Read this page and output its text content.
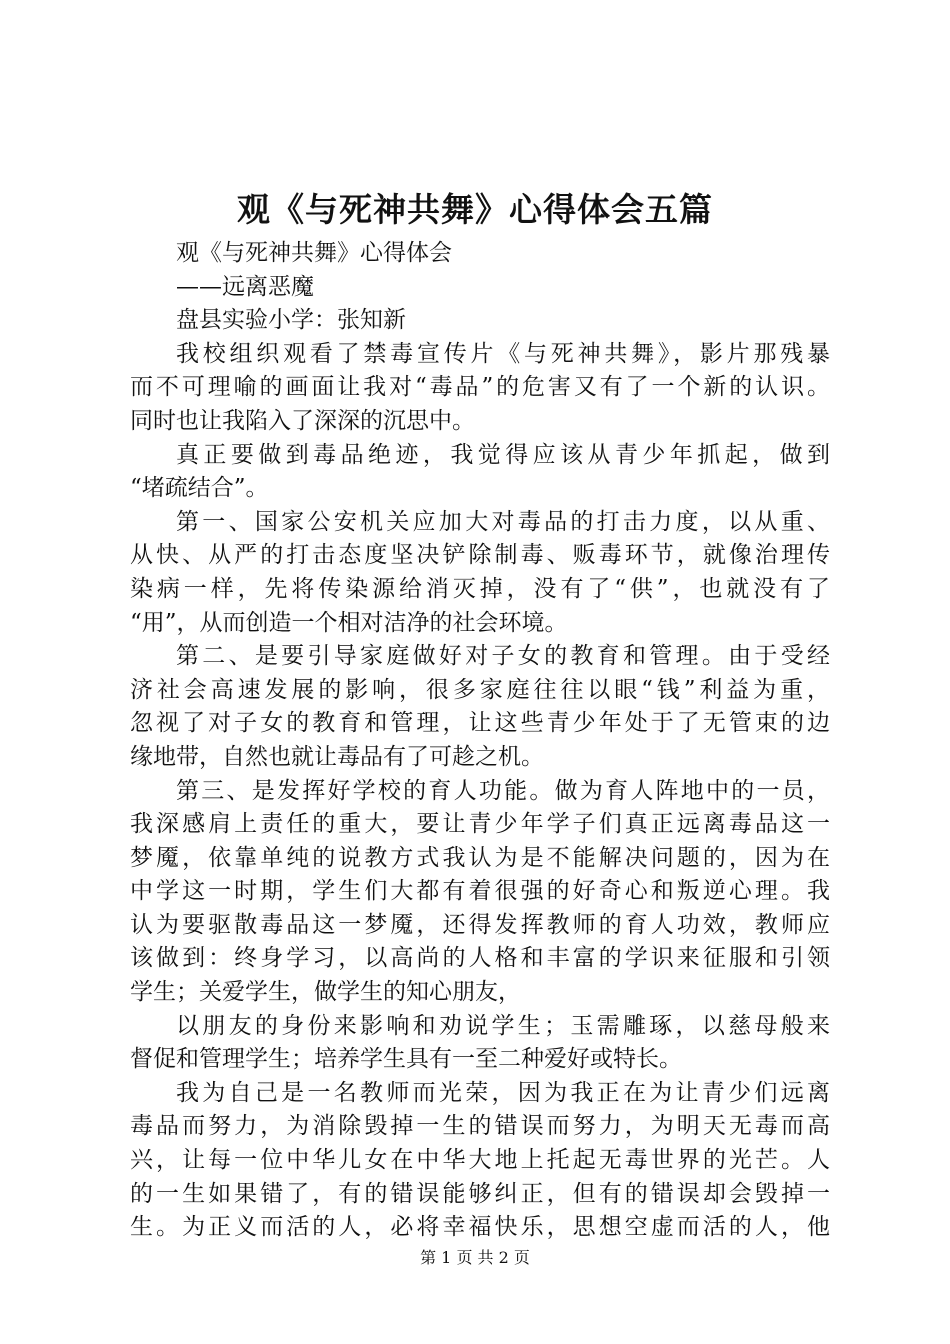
观《与死神共舞》心得体会五篇
观《与死神共舞》心得体会
——远离恶魔
盘县实验小学：张知新
我校组织观看了禁毒宣传片《与死神共舞》，影片那残暴
而不可理喻的画面让我对“毒品”的危害又有了一个新的认识。
同时也让我陷入了深深的沉思中。
真正要做到毒品绝迹，我觉得应该从青少年抓起，做到
“堵疏结合”。
第一、国家公安机关应加大对毒品的打击力度，以从重、
从快、从严的打击态度坚决铲除制毒、贩毒环节，就像治理传
染病一样，先将传染源给消灭掉，没有了“供”，也就没有了
“用”，从而创造一个相对洁净的社会环境。
第二、是要引导家庭做好对子女的教育和管理。由于受经
济社会高速发展的影响，很多家庭往往以眼“钱”利益为重，
忽视了对子女的教育和管理，让这些青少年处于了无管束的边
缘地带，自然也就让毒品有了可趁之机。
第三、是发挥好学校的育人功能。做为育人阵地中的一员，
我深感肩上责任的重大，要让青少年学子们真正远离毒品这一
梦魇，依靠单纯的说教方式我认为是不能解决问题的，因为在
中学这一时期，学生们大都有着很强的好奇心和叛逆心理。我
认为要驱散毒品这一梦魇，还得发挥教师的育人功效，教师应
该做到：终身学习，以高尚的人格和丰富的学识来征服和引领
学生；关爱学生，做学生的知心朋友，
以朋友的身份来影响和劝说学生；玉需雕琢，以慈母般来
督促和管理学生；培养学生具有一至二种爱好或特长。
我为自己是一名教师而光荣，因为我正在为让青少们远离
毒品而努力，为消除毁掉一生的错误而努力，为明天无毒而高
兴，让每一位中华儿女在中华大地上托起无毒世界的光芒。人
的一生如果错了，有的错误能够纠正，但有的错误却会毁掉一
生。为正义而活的人，必将幸福快乐，思想空虚而活的人，他
第 1 页 共 2 页
